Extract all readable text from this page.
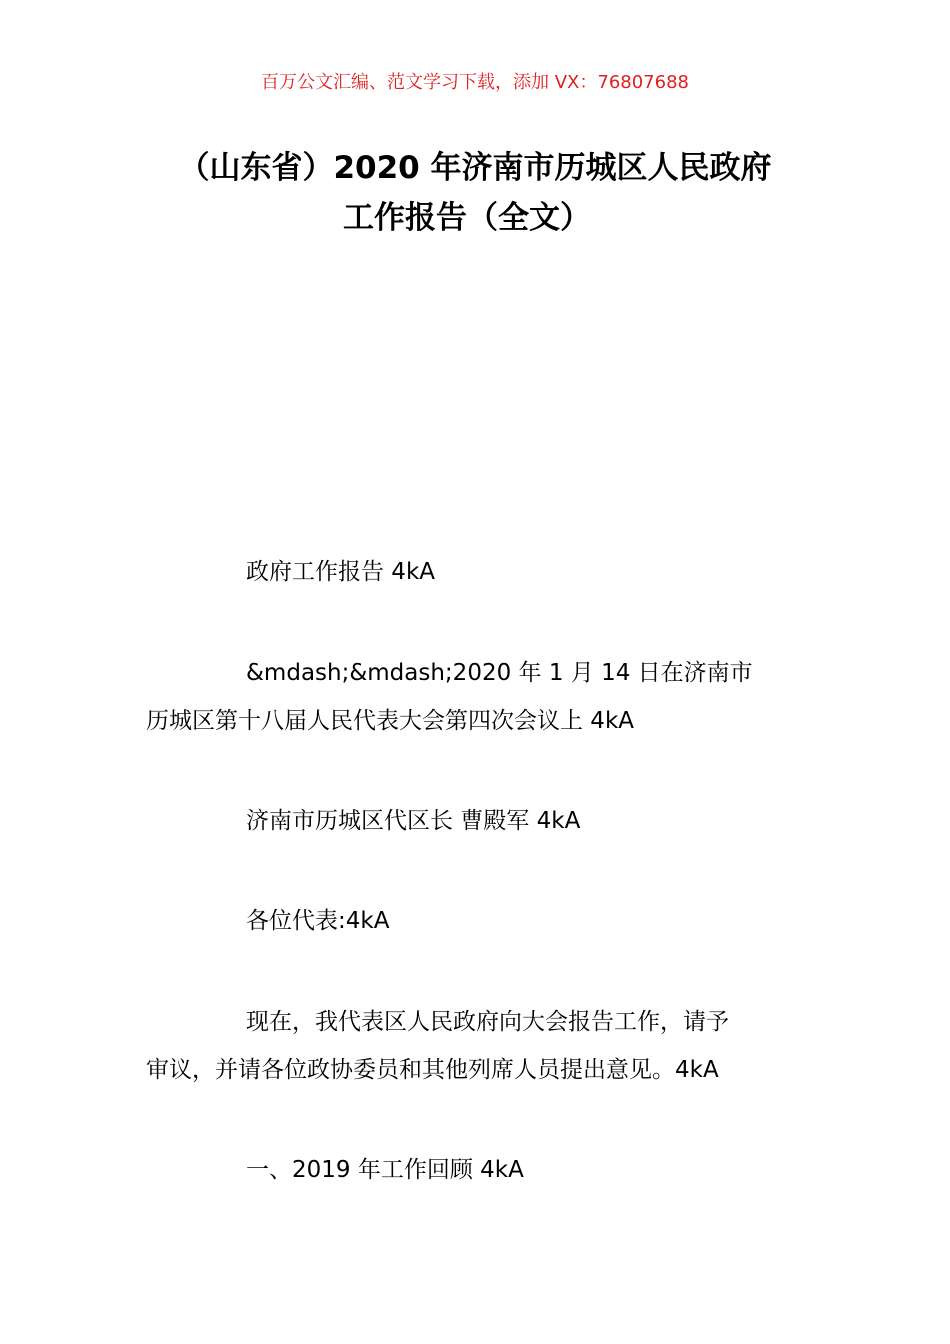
百万公文汇编、范文学习下载，添加 VX：76807688
（山东省）2020 年济南市历城区人民政府
工作报告（全文）
政府工作报告 4kA
&mdash;&mdash;2020 年 1 月 14 日在济南市
历城区第十八届人民代表大会第四次会议上 4kA
济南市历城区代区长 曹殿军 4kA
各位代表:4kA
现在，我代表区人民政府向大会报告工作，请予
审议，并请各位政协委员和其他列席人员提出意见。4kA
一、2019 年工作回顾 4kA
